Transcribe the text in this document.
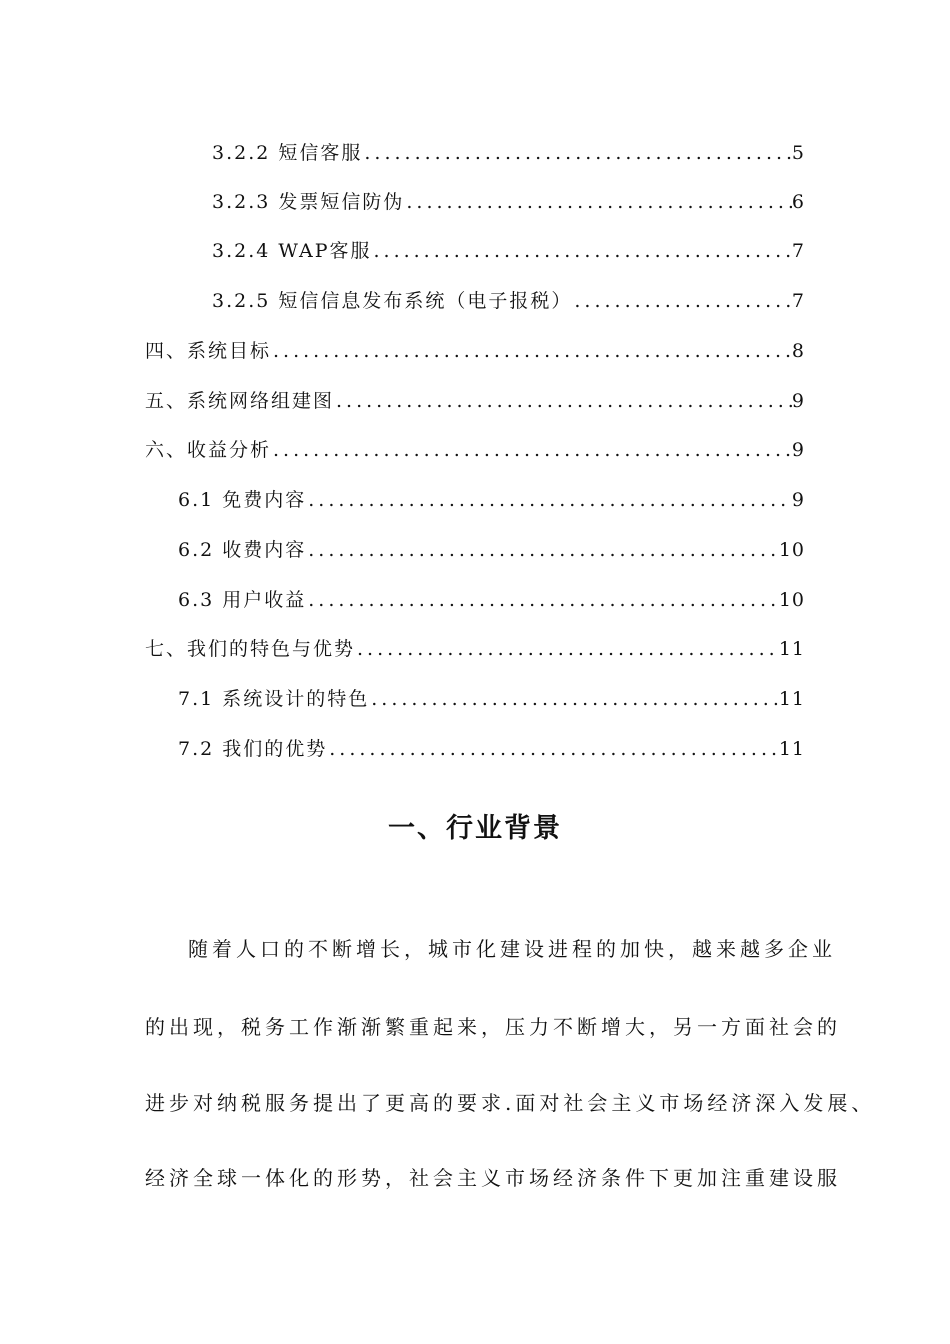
3.2.2 短信客服 .....	5
3.2.3 发票短信防伪 .....	6
3.2.4 WAP客服 .....	7
3.2.5 短信信息发布系统（电子报税） .....	7
四、系统目标 .....	8
五、系统网络组建图 .....	9
六、收益分析 .....	9
6.1 免费内容 .....	9
6.2 收费内容 .....	10
6.3 用户收益 .....	10
七、我们的特色与优势 .....	11
7.1 系统设计的特色 .....	11
7.2 我们的优势 .....	11
一、行业背景
随着人口的不断增长，城市化建设进程的加快，越来越多企业
的出现，税务工作渐渐繁重起来，压力不断增大，另一方面社会的
进步对纳税服务提出了更高的要求.面对社会主义市场经济深入发展、
经济全球一体化的形势，社会主义市场经济条件下更加注重建设服
